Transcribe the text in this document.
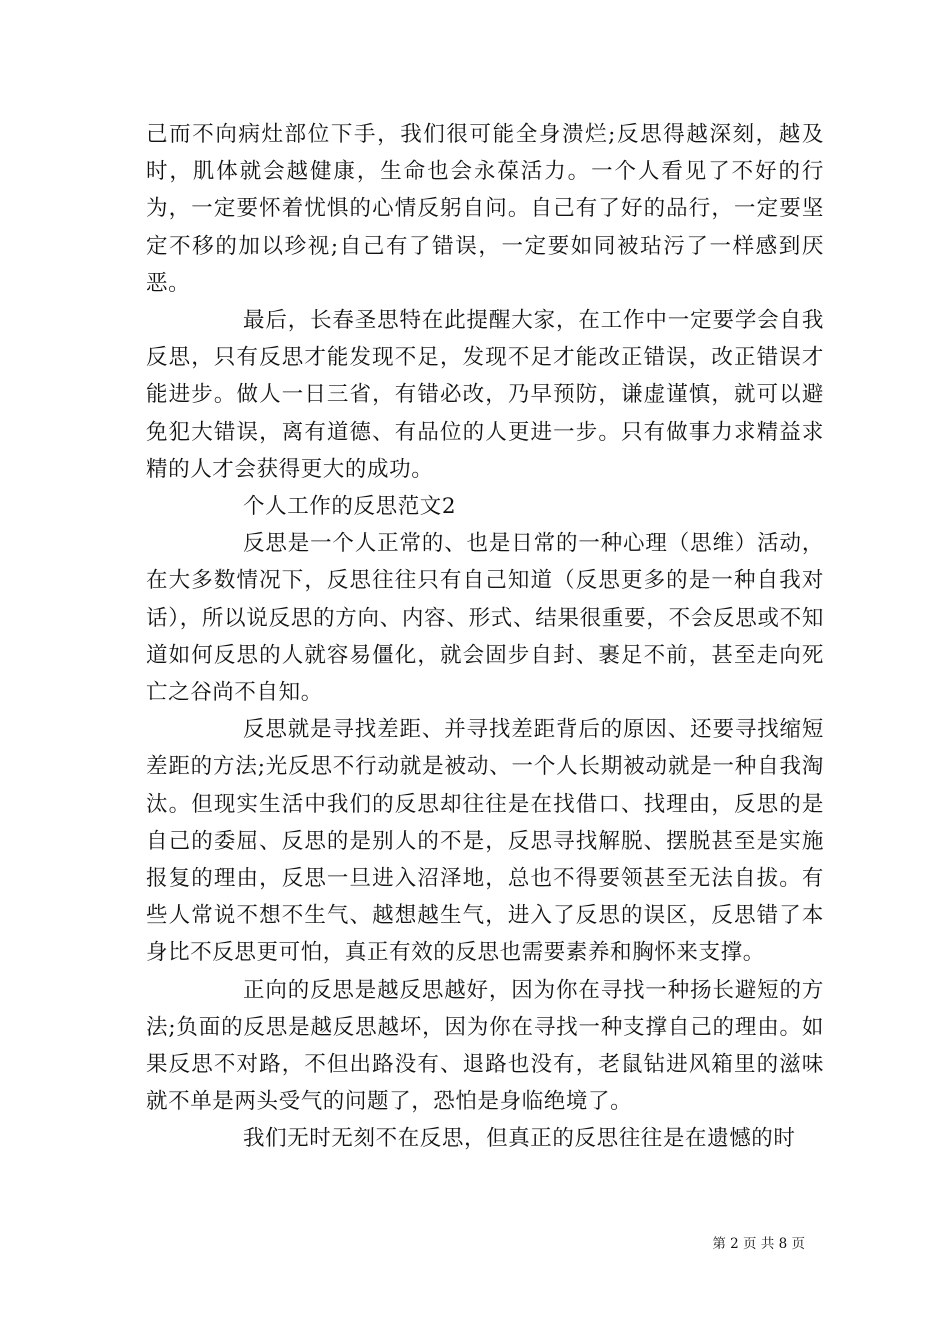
己而不向病灶部位下手，我们很可能全身溃烂;反思得越深刻，越及时，肌体就会越健康，生命也会永葆活力。一个人看见了不好的行为，一定要怀着忧惧的心情反躬自问。自己有了好的品行，一定要坚定不移的加以珍视;自己有了错误，一定要如同被玷污了一样感到厌恶。

最后，长春圣思特在此提醒大家，在工作中一定要学会自我反思，只有反思才能发现不足，发现不足才能改正错误，改正错误才能进步。做人一日三省，有错必改，乃早预防，谦虚谨慎，就可以避免犯大错误，离有道德、有品位的人更进一步。只有做事力求精益求精的人才会获得更大的成功。

个人工作的反思范文2

反思是一个人正常的、也是日常的一种心理（思维）活动，在大多数情况下，反思往往只有自己知道（反思更多的是一种自我对话），所以说反思的方向、内容、形式、结果很重要，不会反思或不知道如何反思的人就容易僵化，就会固步自封、裹足不前，甚至走向死亡之谷尚不自知。

反思就是寻找差距、并寻找差距背后的原因、还要寻找缩短差距的方法;光反思不行动就是被动、一个人长期被动就是一种自我淘汰。但现实生活中我们的反思却往往是在找借口、找理由，反思的是自己的委屈、反思的是别人的不是，反思寻找解脱、摆脱甚至是实施报复的理由，反思一旦进入沼泽地，总也不得要领甚至无法自拔。有些人常说不想不生气、越想越生气，进入了反思的误区，反思错了本身比不反思更可怕，真正有效的反思也需要素养和胸怀来支撑。

正向的反思是越反思越好，因为你在寻找一种扬长避短的方法;负面的反思是越反思越坏，因为你在寻找一种支撑自己的理由。如果反思不对路，不但出路没有、退路也没有，老鼠钻进风箱里的滋味就不单是两头受气的问题了，恐怕是身临绝境了。

我们无时无刻不在反思，但真正的反思往往是在遗憾的时

第 2 页 共 8 页
